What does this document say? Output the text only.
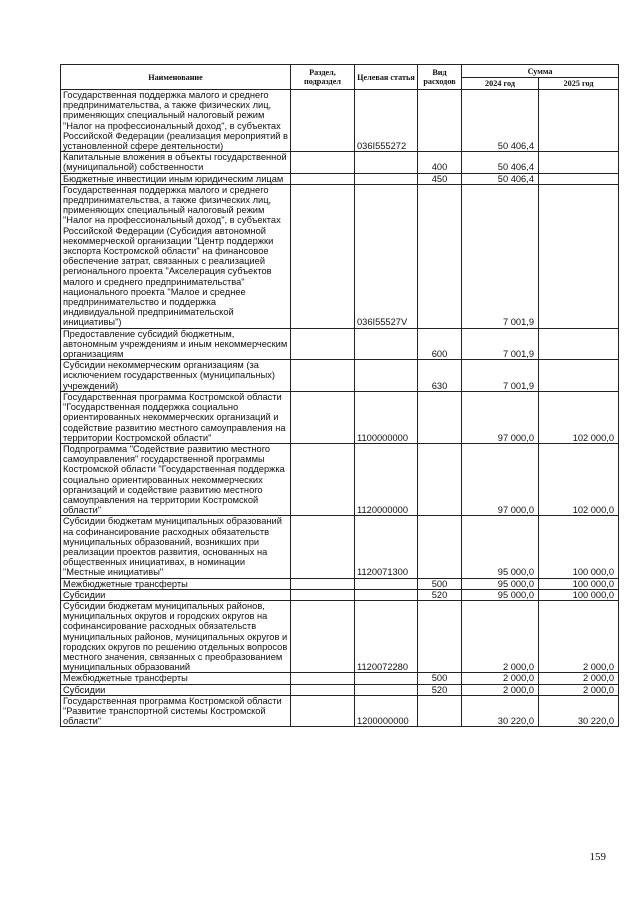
Наименование	Раздел, подраздел	Целевая статья	Вид расходов	Сумма	
				2024 год	2025 год
Государственная поддержка малого и среднего предпринимательства, а также физических лиц, применяющих специальный налоговый режим "Налог на профессиональный доход", в субъектах Российской Федерации (реализация мероприятий в установленной сфере деятельности)		036I555272		50 406,4	
Капитальные вложения в объекты государственной (муниципальной) собственности			400	50 406,4	
Бюджетные инвестиции иным юридическим лицам			450	50 406,4	
Государственная поддержка малого и среднего предпринимательства, а также физических лиц, применяющих специальный налоговый режим "Налог на профессиональный доход", в субъектах Российской Федерации (Субсидия автономной некоммерческой организации "Центр поддержки экспорта Костромской области" на финансовое обеспечение затрат, связанных с реализацией регионального проекта "Акселерация субъектов малого и среднего предпринимательства" национального проекта "Малое и среднее предпринимательство и поддержка индивидуальной предпринимательской инициативы")		036I55527V		7 001,9	
Предоставление субсидий бюджетным, автономным учреждениям и иным некоммерческим организациям			600	7 001,9	
Субсидии некоммерческим организациям (за исключением государственных (муниципальных) учреждений)			630	7 001,9	
Государственная программа Костромской области "Государственная поддержка социально ориентированных некоммерческих организаций и содействие развитию местного самоуправления на территории Костромской области"		1100000000		97 000,0	102 000,0
Подпрограмма "Содействие развитию местного самоуправления" государственной программы Костромской области "Государственная поддержка социально ориентированных некоммерческих организаций и содействие развитию местного самоуправления на территории Костромской области"		1120000000		97 000,0	102 000,0
Субсидии бюджетам муниципальных образований на софинансирование расходных обязательств муниципальных образований, возникших при реализации проектов развития, основанных на общественных инициативах, в номинации "Местные инициативы"		1120071300		95 000,0	100 000,0
Межбюджетные трансферты			500	95 000,0	100 000,0
Субсидии			520	95 000,0	100 000,0
Субсидии бюджетам муниципальных районов, муниципальных округов и городских округов на софинансирование расходных обязательств муниципальных районов, муниципальных округов и городских округов по решению отдельных вопросов местного значения, связанных с преобразованием муниципальных образований		1120072280		2 000,0	2 000,0
Межбюджетные трансферты			500	2 000,0	2 000,0
Субсидии			520	2 000,0	2 000,0
Государственная программа Костромской области "Развитие транспортной системы Костромской области"		1200000000		30 220,0	30 220,0
159
